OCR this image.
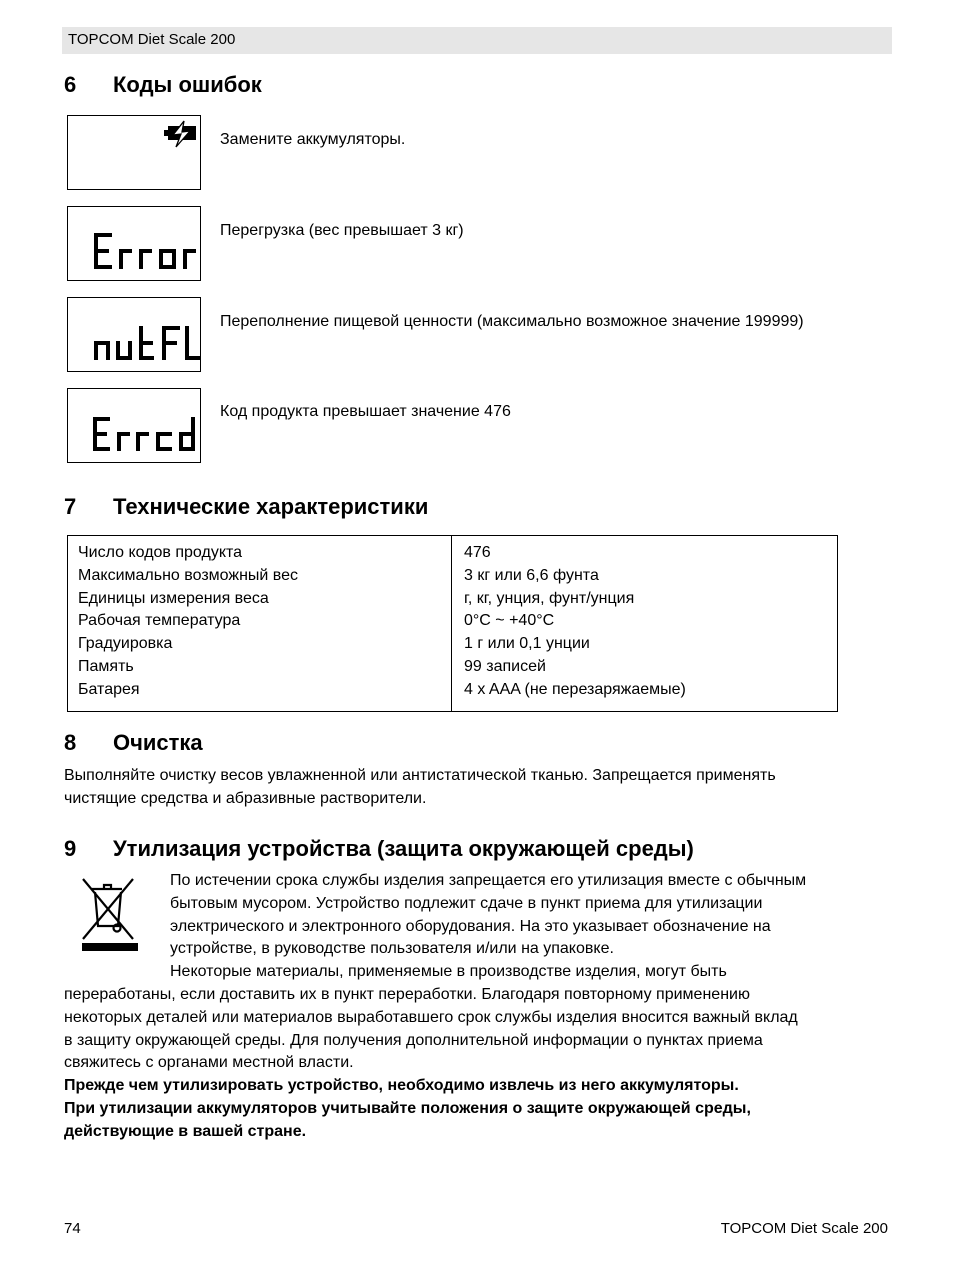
TOPCOM Diet Scale 200
6 Коды ошибок
Замените аккумуляторы.
Перегрузка (вес превышает 3 кг)
Переполнение пищевой ценности (максимально возможное значение 199999)
Код продукта превышает значение 476
7 Технические характеристики
Число кодов продукта
Максимально возможный вес
Единицы измерения веса
Рабочая температура
Градуировка
Память
Батарея
476
3 кг или 6,6 фунта
г, кг, унция, фунт/унция
0°C ~ +40°C
1 г или 0,1 унции
99 записей
4 x AAA (не перезаряжаемые)
8 Очистка
Выполняйте очистку весов увлажненной или антистатической тканью. Запрещается применять
чистящие средства и абразивные растворители.
9 Утилизация устройства (защита окружающей среды)
По истечении срока службы изделия запрещается его утилизация вместе с обычным
бытовым мусором. Устройство подлежит сдаче в пункт приема для утилизации
электрического и электронного оборудования. На это указывает обозначение на
устройстве, в руководстве пользователя и/или на упаковке.
Некоторые материалы, применяемые в производстве изделия, могут быть
переработаны, если доставить их в пункт переработки. Благодаря повторному применению
некоторых деталей или материалов выработавшего срок службы изделия вносится важный вклад
в защиту окружающей среды. Для получения дополнительной информации о пунктах приема
свяжитесь с органами местной власти.
Прежде чем утилизировать устройство, необходимо извлечь из него аккумуляторы.
При утилизации аккумуляторов учитывайте положения о защите окружающей среды,
действующие в вашей стране.
74	TOPCOM Diet Scale 200
